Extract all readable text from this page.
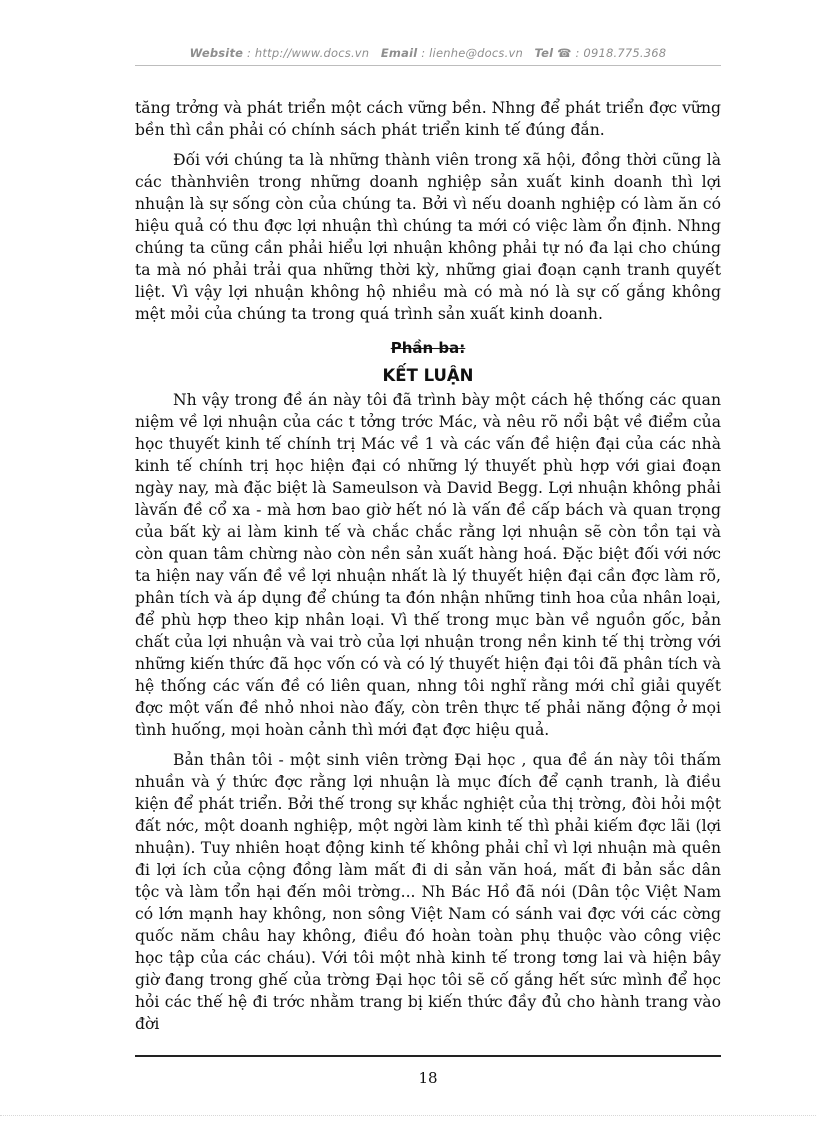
Website : http://www.docs.vn Email : lienhe@docs.vn Tel ☎ : 0918.775.368

tăng trởng và phát triển một cách vững bền. Nhng để phát triển đợc vững bền thì cần phải có chính sách phát triển kinh tế đúng đắn.

Đối với chúng ta là những thành viên trong xã hội, đồng thời cũng là các thànhviên trong những doanh nghiệp sản xuất kinh doanh thì lợi nhuận là sự sống còn của chúng ta. Bởi vì nếu doanh nghiệp có làm ăn có hiệu quả có thu đợc lợi nhuận thì chúng ta mới có việc làm ổn định. Nhng chúng ta cũng cần phải hiểu lợi nhuận không phải tự nó đa lại cho chúng ta mà nó phải trải qua những thời kỳ, những giai đoạn cạnh tranh quyết liệt. Vì vậy lợi nhuận không hộ nhiều mà có mà nó là sự cố gắng không mệt mỏi của chúng ta trong quá trình sản xuất kinh doanh.

Phần ba:
KẾT LUẬN

Nh vậy trong đề án này tôi đã trình bày một cách hệ thống các quan niệm về lợi nhuận của các t tởng trớc Mác, và nêu rõ nổi bật về điểm của học thuyết kinh tế chính trị Mác về 1 và các vấn đề hiện đại của các nhà kinh tế chính trị học hiện đại có những lý thuyết phù hợp với giai đoạn ngày nay, mà đặc biệt là Sameulson và David Begg. Lợi nhuận không phải làvấn đề cổ xa - mà hơn bao giờ hết nó là vấn đề cấp bách và quan trọng của bất kỳ ai làm kinh tế và chắc chắc rằng lợi nhuận sẽ còn tồn tại và còn quan tâm chừng nào còn nền sản xuất hàng hoá. Đặc biệt đối với nớc ta hiện nay vấn đề về lợi nhuận nhất là lý thuyết hiện đại cần đợc làm rõ, phân tích và áp dụng để chúng ta đón nhận những tinh hoa của nhân loại, để phù hợp theo kịp nhân loại. Vì thế trong mục bàn về nguồn gốc, bản chất của lợi nhuận và vai trò của lợi nhuận trong nền kinh tế thị trờng với những kiến thức đã học vốn có và có lý thuyết hiện đại tôi đã phân tích và hệ thống các vấn đề có liên quan, nhng tôi nghĩ rằng mới chỉ giải quyết đợc một vấn đề nhỏ nhoi nào đấy, còn trên thực tế phải năng động ở mọi tình huống, mọi hoàn cảnh thì mới đạt đợc hiệu quả.

Bản thân tôi - một sinh viên trờng Đại học , qua đề án này tôi thấm nhuần và ý thức đợc rằng lợi nhuận là mục đích để cạnh tranh, là điều kiện để phát triển. Bởi thế trong sự khắc nghiệt của thị trờng, đòi hỏi một đất nớc, một doanh nghiệp, một ngời làm kinh tế thì phải kiếm đợc lãi (lợi nhuận). Tuy nhiên hoạt động kinh tế không phải chỉ vì lợi nhuận mà quên đi lợi ích của cộng đồng làm mất đi di sản văn hoá, mất đi bản sắc dân tộc và làm tổn hại đến môi trờng... Nh Bác Hồ đã nói (Dân tộc Việt Nam có lớn mạnh hay không, non sông Việt Nam có sánh vai đợc với các cờng quốc năm châu hay không, điều đó hoàn toàn phụ thuộc vào công việc học tập của các cháu). Với tôi một nhà kinh tế trong tơng lai và hiện bây giờ đang trong ghế của trờng Đại học tôi sẽ cố gắng hết sức mình để học hỏi các thế hệ đi trớc nhằm trang bị kiến thức đầy đủ cho hành trang vào đời

18
